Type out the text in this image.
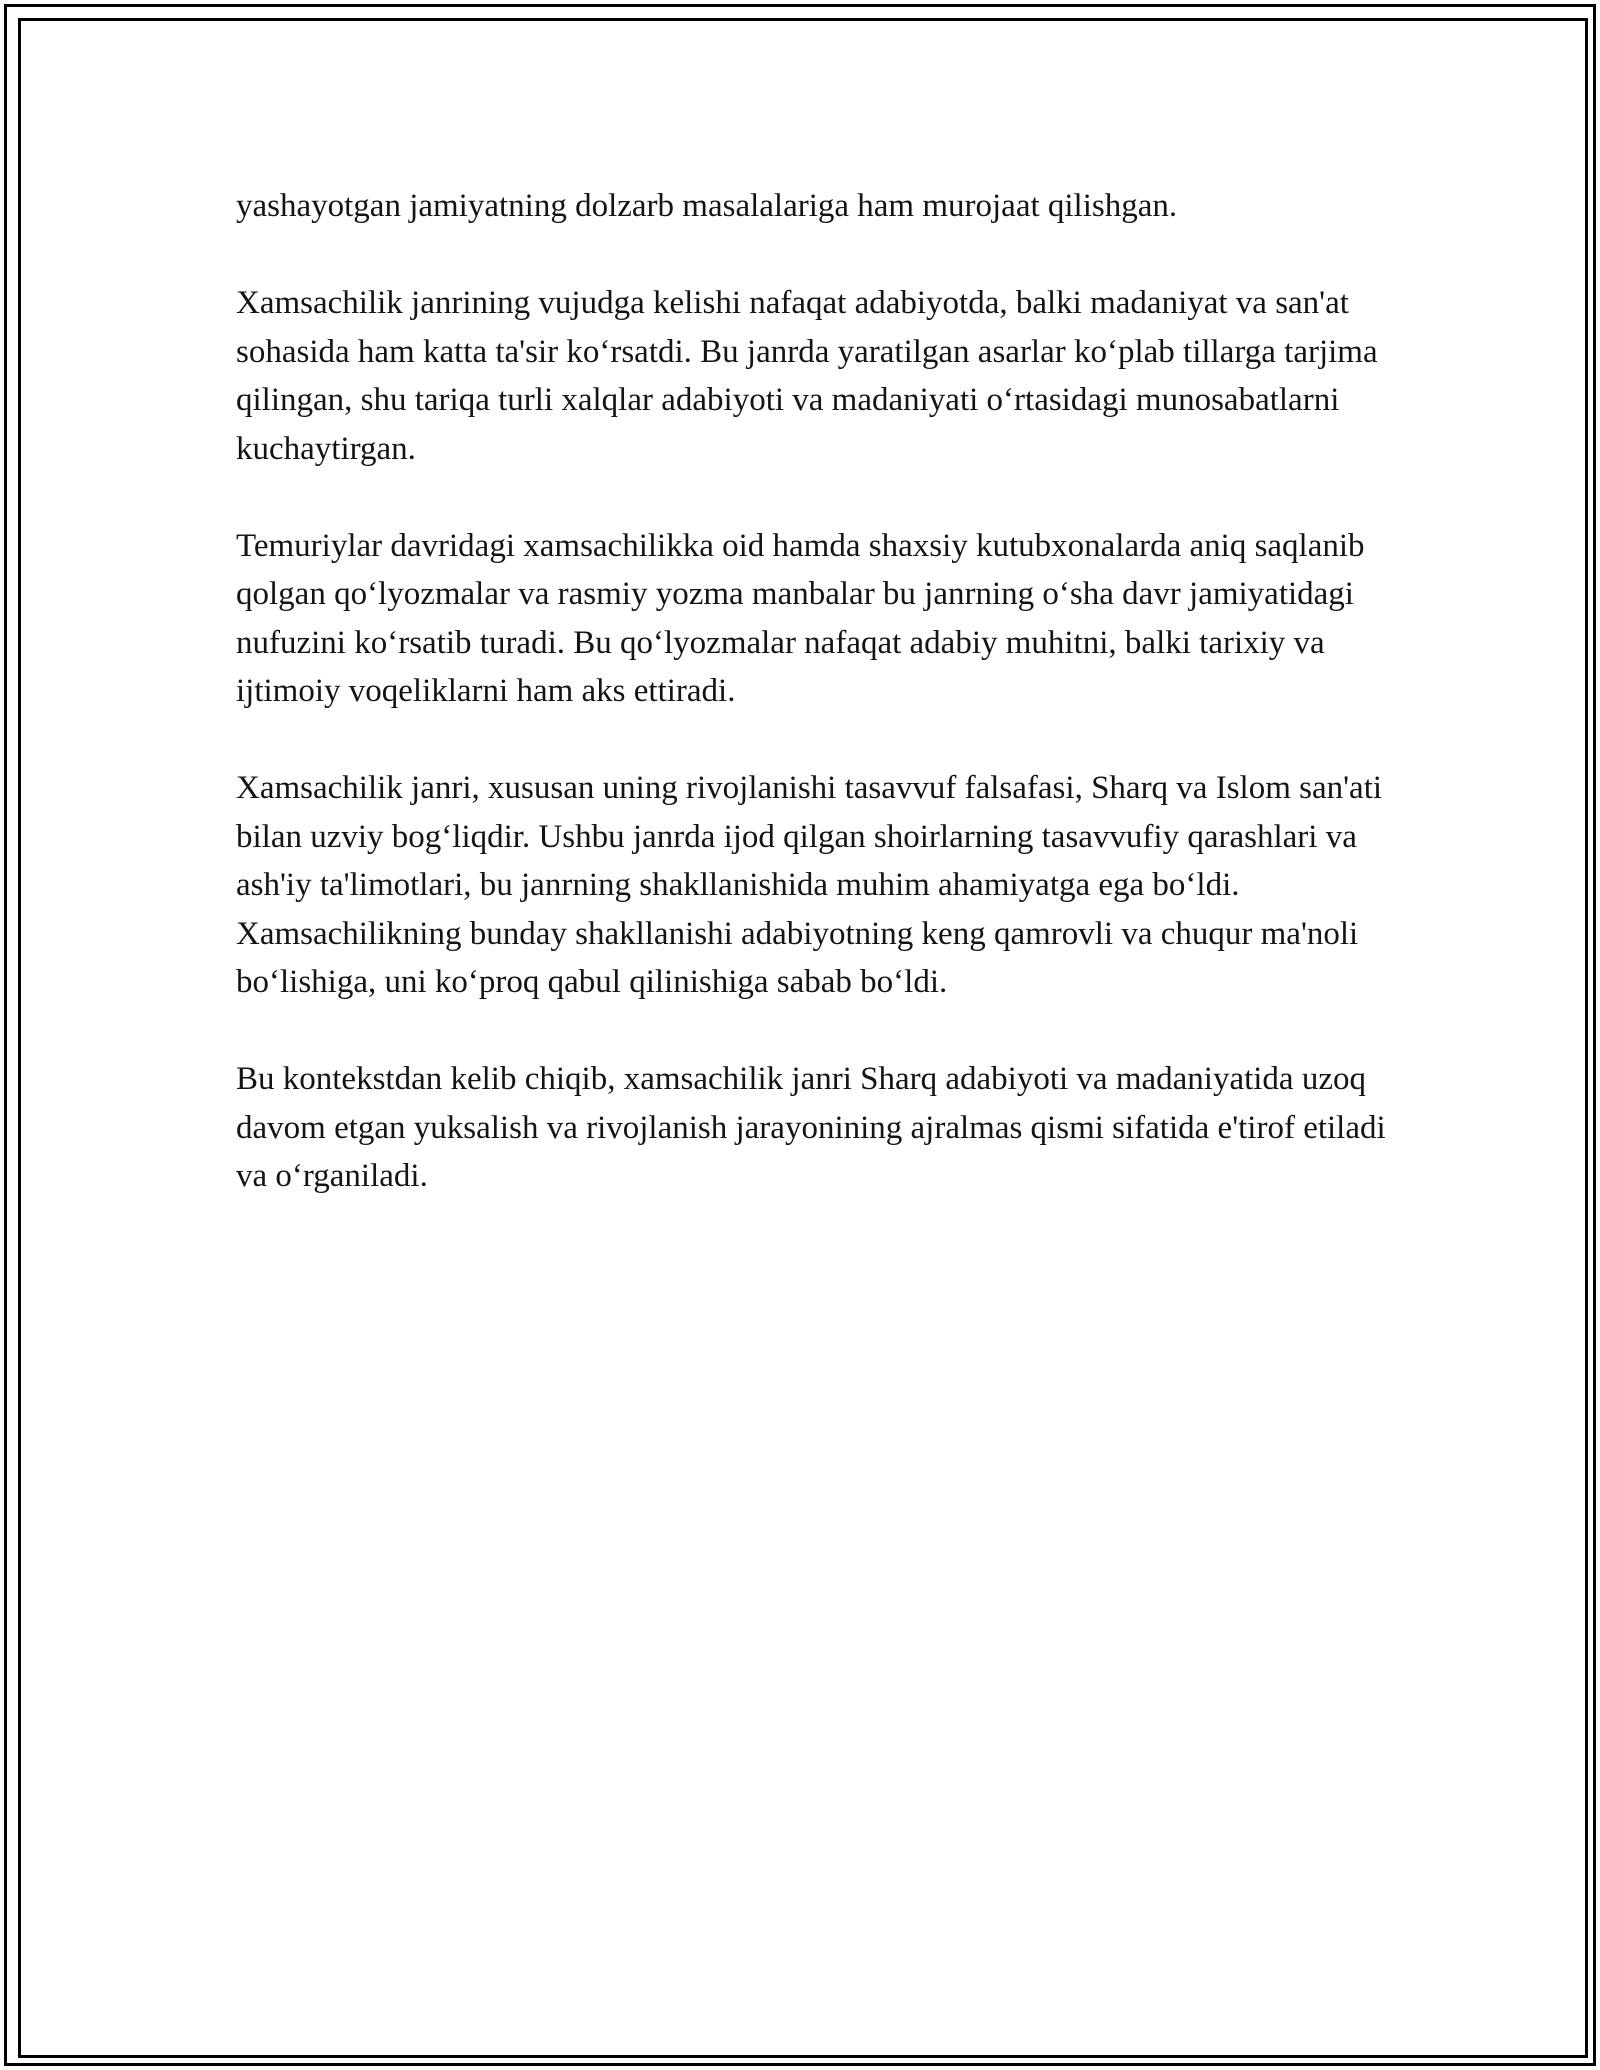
yashayotgan jamiyatning dolzarb masalalariga ham murojaat qilishgan.

Xamsachilik janrining vujudga kelishi nafaqat adabiyotda, balki madaniyat va san'at sohasida ham katta ta'sir ko‘rsatdi. Bu janrda yaratilgan asarlar ko‘plab tillarga tarjima qilingan, shu tariqa turli xalqlar adabiyoti va madaniyati o‘rtasidagi munosabatlarni kuchaytirgan.

Temuriylar davridagi xamsachilikka oid hamda shaxsiy kutubxonalarda aniq saqlanib qolgan qo‘lyozmalar va rasmiy yozma manbalar bu janrning o‘sha davr jamiyatidagi nufuzini ko‘rsatib turadi. Bu qo‘lyozmalar nafaqat adabiy muhitni, balki tarixiy va ijtimoiy voqeliklarni ham aks ettiradi.

Xamsachilik janri, xususan uning rivojlanishi tasavvuf falsafasi, Sharq va Islom san'ati bilan uzviy bog‘liqdir. Ushbu janrda ijod qilgan shoirlarning tasavvufiy qarashlari va ash'iy ta'limotlari, bu janrning shakllanishida muhim ahamiyatga ega bo‘ldi. Xamsachilikning bunday shakllanishi adabiyotning keng qamrovli va chuqur ma'noli bo‘lishiga, uni ko‘proq qabul qilinishiga sabab bo‘ldi.

Bu kontekstdan kelib chiqib, xamsachilik janri Sharq adabiyoti va madaniyatida uzoq davom etgan yuksalish va rivojlanish jarayonining ajralmas qismi sifatida e'tirof etiladi va o‘rganiladi.
